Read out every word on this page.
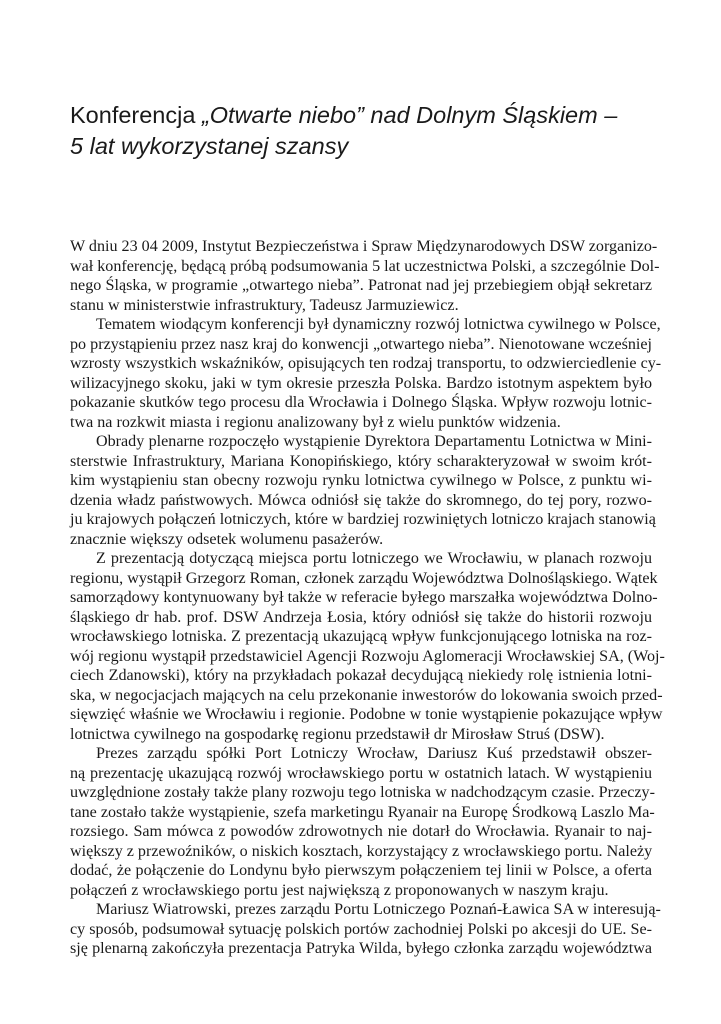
Konferencja „Otwarte niebo” nad Dolnym Śląskiem –
5 lat wykorzystanej szansy
W dniu 23 04 2009, Instytut Bezpieczeństwa i Spraw Międzynarodowych DSW zorganizo-
wał konferencję, będącą próbą podsumowania 5 lat uczestnictwa Polski, a szczególnie Dol-
nego Śląska, w programie „otwartego nieba”. Patronat nad jej przebiegiem objął sekretarz
stanu w ministerstwie infrastruktury, Tadeusz Jarmuziewicz.
Tematem wiodącym konferencji był dynamiczny rozwój lotnictwa cywilnego w Polsce,
po przystąpieniu przez nasz kraj do konwencji „otwartego nieba”. Nienotowane wcześniej
wzrosty wszystkich wskaźników, opisujących ten rodzaj transportu, to odzwierciedlenie cy-
wilizacyjnego skoku, jaki w tym okresie przeszła Polska. Bardzo istotnym aspektem było
pokazanie skutków tego procesu dla Wrocławia i Dolnego Śląska. Wpływ rozwoju lotnic-
twa na rozkwit miasta i regionu analizowany był z wielu punktów widzenia.
Obrady plenarne rozpoczęło wystąpienie Dyrektora Departamentu Lotnictwa w Mini-
sterstwie Infrastruktury, Mariana Konopińskiego, który scharakteryzował w swoim krót-
kim wystąpieniu stan obecny rozwoju rynku lotnictwa cywilnego w Polsce, z punktu wi-
dzenia władz państwowych. Mówca odniósł się także do skromnego, do tej pory, rozwo-
ju krajowych połączeń lotniczych, które w bardziej rozwiniętych lotniczo krajach stanowią
znacznie większy odsetek wolumenu pasażerów.
Z prezentacją dotyczącą miejsca portu lotniczego we Wrocławiu, w planach rozwoju
regionu, wystąpił Grzegorz Roman, członek zarządu Województwa Dolnośląskiego. Wątek
samorządowy kontynuowany był także w referacie byłego marszałka województwa Dolno-
śląskiego dr hab. prof. DSW Andrzeja Łosia, który odniósł się także do historii rozwoju
wrocławskiego lotniska. Z prezentacją ukazującą wpływ funkcjonującego lotniska na roz-
wój regionu wystąpił przedstawiciel Agencji Rozwoju Aglomeracji Wrocławskiej SA, (Woj-
ciech Zdanowski), który na przykładach pokazał decydującą niekiedy rolę istnienia lotni-
ska, w negocjacjach mających na celu przekonanie inwestorów do lokowania swoich przed-
sięwzięć właśnie we Wrocławiu i regionie. Podobne w tonie wystąpienie pokazujące wpływ
lotnictwa cywilnego na gospodarkę regionu przedstawił dr Mirosław Struś (DSW).
Prezes zarządu spółki Port Lotniczy Wrocław, Dariusz Kuś przedstawił obszer-
ną prezentację ukazującą rozwój wrocławskiego portu w ostatnich latach. W wystąpieniu
uwzględnione zostały także plany rozwoju tego lotniska w nadchodzącym czasie. Przeczy-
tane zostało także wystąpienie, szefa marketingu Ryanair na Europę Środkową Laszlo Ma-
rozsiego. Sam mówca z powodów zdrowotnych nie dotarł do Wrocławia. Ryanair to naj-
większy z przewoźników, o niskich kosztach, korzystający z wrocławskiego portu. Należy
dodać, że połączenie do Londynu było pierwszym połączeniem tej linii w Polsce, a oferta
połączeń z wrocławskiego portu jest największą z proponowanych w naszym kraju.
Mariusz Wiatrowski, prezes zarządu Portu Lotniczego Poznań-Ławica SA w interesują-
cy sposób, podsumował sytuację polskich portów zachodniej Polski po akcesji do UE. Se-
sję plenarną zakończyła prezentacja Patryka Wilda, byłego członka zarządu województwa
